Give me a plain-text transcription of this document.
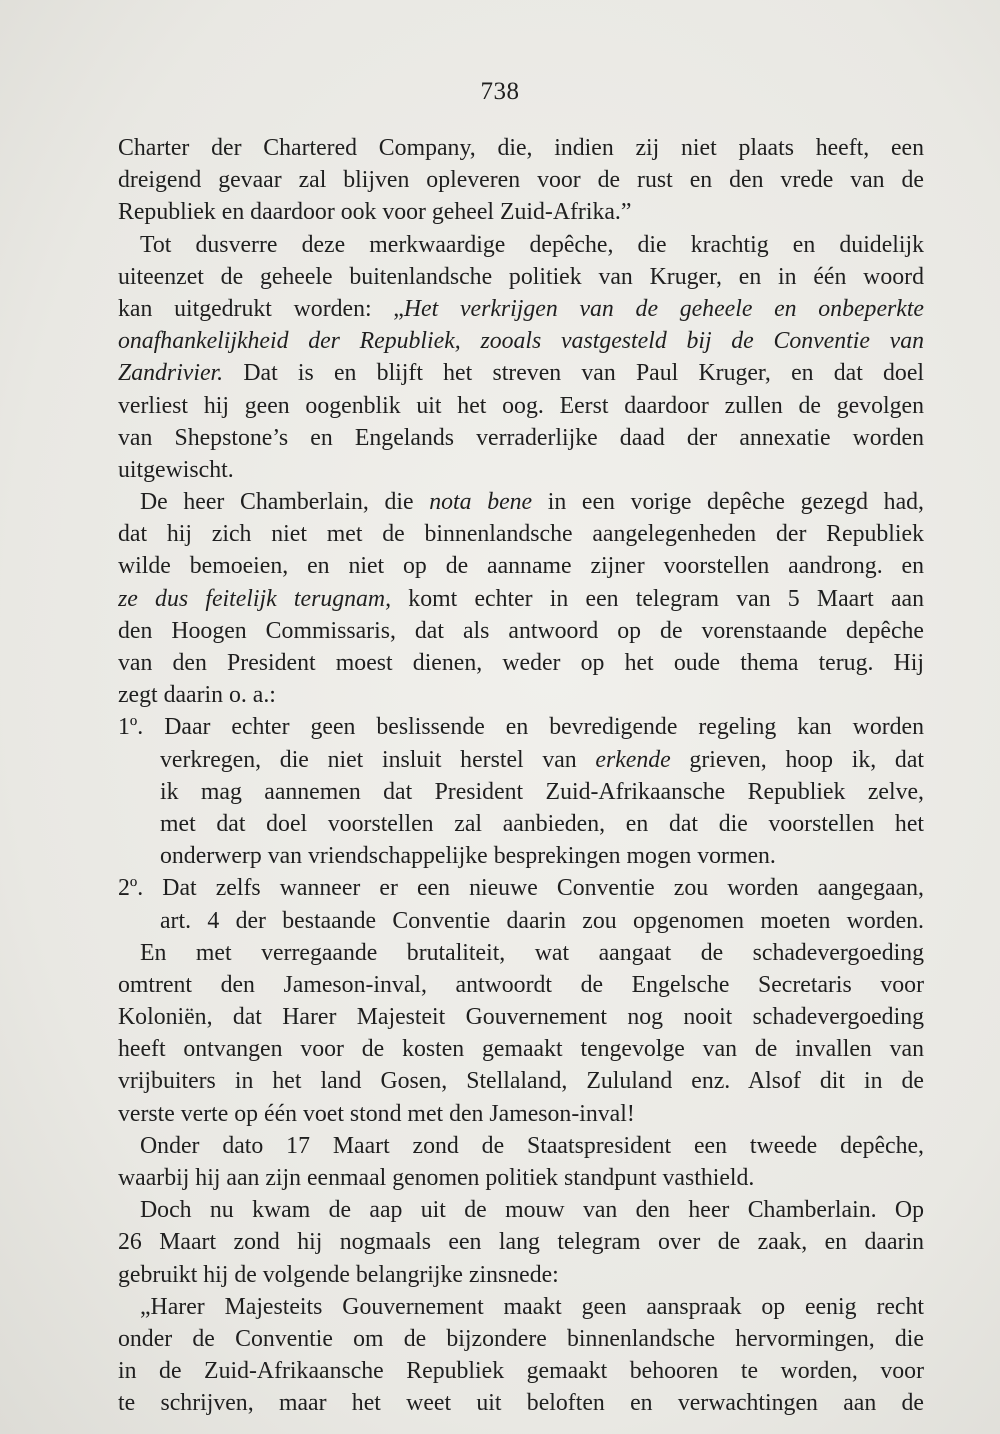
738
Charter der Chartered Company, die, indien zij niet plaats heeft, een
dreigend gevaar zal blijven opleveren voor de rust en den vrede van de
Republiek en daardoor ook voor geheel Zuid-Afrika.”
Tot dusverre deze merkwaardige depêche, die krachtig en duidelijk
uiteenzet de geheele buitenlandsche politiek van Kruger, en in één woord
kan uitgedrukt worden: „Het verkrijgen van de geheele en onbeperkte
onafhankelijkheid der Republiek, zooals vastgesteld bij de Conventie van
Zandrivier. Dat is en blijft het streven van Paul Kruger, en dat doel
verliest hij geen oogenblik uit het oog. Eerst daardoor zullen de gevolgen
van Shepstone’s en Engelands verraderlijke daad der annexatie worden
uitgewischt.
De heer Chamberlain, die nota bene in een vorige depêche gezegd had,
dat hij zich niet met de binnenlandsche aangelegenheden der Republiek
wilde bemoeien, en niet op de aanname zijner voorstellen aandrong. en
ze dus feitelijk terugnam, komt echter in een telegram van 5 Maart aan
den Hoogen Commissaris, dat als antwoord op de vorenstaande depêche
van den President moest dienen, weder op het oude thema terug. Hij
zegt daarin o. a.:
1º. Daar echter geen beslissende en bevredigende regeling kan worden
verkregen, die niet insluit herstel van erkende grieven, hoop ik, dat
ik mag aannemen dat President Zuid-Afrikaansche Republiek zelve,
met dat doel voorstellen zal aanbieden, en dat die voorstellen het
onderwerp van vriendschappelijke besprekingen mogen vormen.
2º. Dat zelfs wanneer er een nieuwe Conventie zou worden aangegaan,
art. 4 der bestaande Conventie daarin zou opgenomen moeten worden.
En met verregaande brutaliteit, wat aangaat de schadevergoeding
omtrent den Jameson-inval, antwoordt de Engelsche Secretaris voor
Koloniën, dat Harer Majesteit Gouvernement nog nooit schadevergoeding
heeft ontvangen voor de kosten gemaakt tengevolge van de invallen van
vrijbuiters in het land Gosen, Stellaland, Zululand enz. Alsof dit in de
verste verte op één voet stond met den Jameson-inval!
Onder dato 17 Maart zond de Staatspresident een tweede depêche,
waarbij hij aan zijn eenmaal genomen politiek standpunt vasthield.
Doch nu kwam de aap uit de mouw van den heer Chamberlain. Op
26 Maart zond hij nogmaals een lang telegram over de zaak, en daarin
gebruikt hij de volgende belangrijke zinsnede:
„Harer Majesteits Gouvernement maakt geen aanspraak op eenig recht
onder de Conventie om de bijzondere binnenlandsche hervormingen, die
in de Zuid-Afrikaansche Republiek gemaakt behooren te worden, voor
te schrijven, maar het weet uit beloften en verwachtingen aan de
